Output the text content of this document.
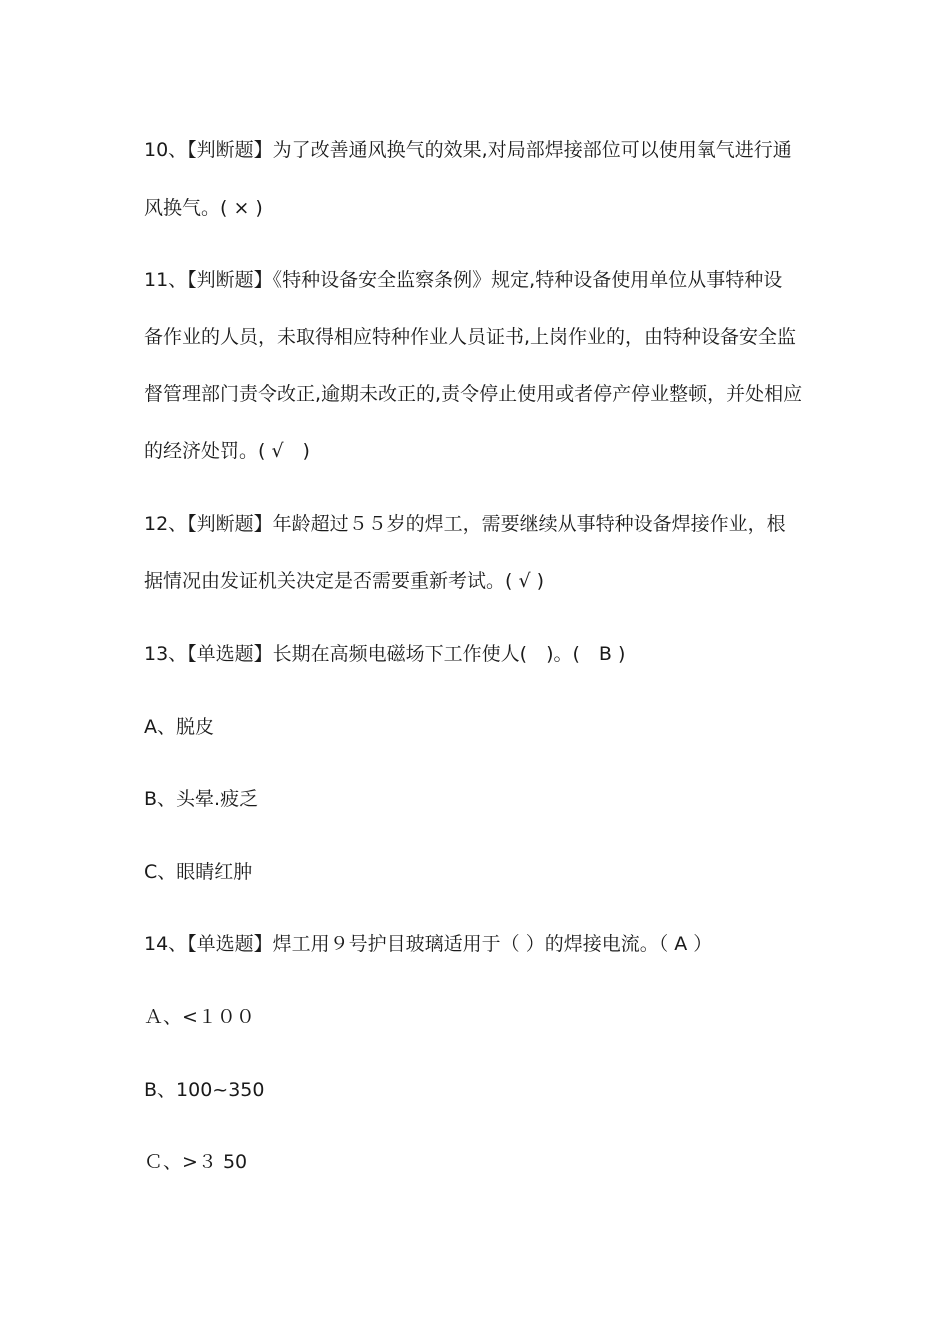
10、【判断题】为了改善通风换气的效果,对局部焊接部位可以使用氧气进行通
风换气。( × )
11、【判断题】《特种设备安全监察条例》规定,特种设备使用单位从事特种设
备作业的人员，未取得相应特种作业人员证书,上岗作业的，由特种设备安全监
督管理部门责令改正,逾期未改正的,责令停止使用或者停产停业整顿，并处相应
的经济处罚。( √　)
12、【判断题】年龄超过５５岁的焊工，需要继续从事特种设备焊接作业，根
据情况由发证机关决定是否需要重新考试。( √ )
13、【单选题】长期在高频电磁场下工作使人(　)。(　B )
A、脱皮
B、头晕.疲乏
C、眼睛红肿
14、【单选题】焊工用９号护目玻璃适用于（ ）的焊接电流。（ A ）
Ａ、<１００
B、100~350
Ｃ、>３ 50
